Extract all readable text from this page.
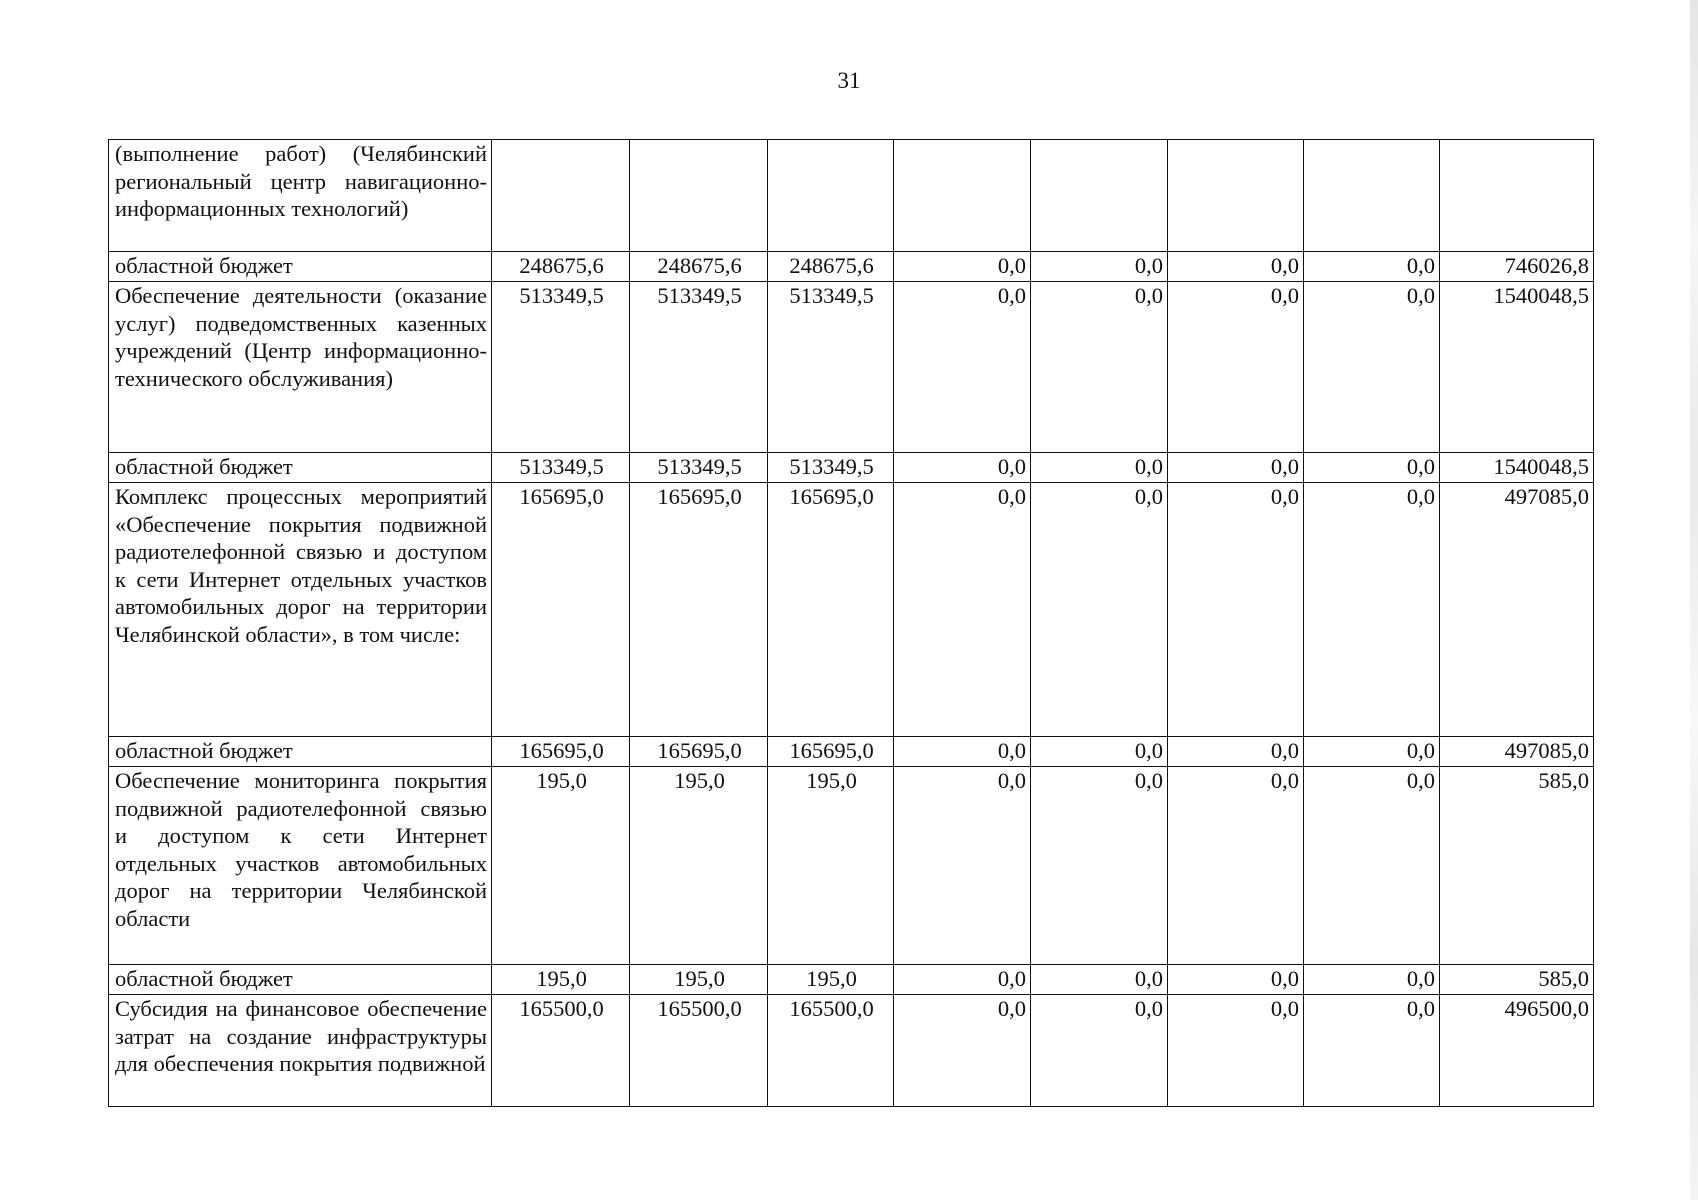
31
(выполнение работ) (Челябинский региональный центр навигационно-информационных технологий)								
областной бюджет	248675,6	248675,6	248675,6	0,0	0,0	0,0	0,0	746026,8
Обеспечение деятельности (оказание услуг) подведомственных казенных учреждений (Центр информационно-технического обслуживания)	513349,5	513349,5	513349,5	0,0	0,0	0,0	0,0	1540048,5
областной бюджет	513349,5	513349,5	513349,5	0,0	0,0	0,0	0,0	1540048,5
Комплекс процессных мероприятий «Обеспечение покрытия подвижной радиотелефонной связью и доступом к сети Интернет отдельных участков автомобильных дорог на территории Челябинской области», в том числе:	165695,0	165695,0	165695,0	0,0	0,0	0,0	0,0	497085,0
областной бюджет	165695,0	165695,0	165695,0	0,0	0,0	0,0	0,0	497085,0
Обеспечение мониторинга покрытия подвижной радиотелефонной связью и доступом к сети Интернет отдельных участков автомобильных дорог на территории Челябинской области	195,0	195,0	195,0	0,0	0,0	0,0	0,0	585,0
областной бюджет	195,0	195,0	195,0	0,0	0,0	0,0	0,0	585,0
Субсидия на финансовое обеспечение затрат на создание инфраструктуры для обеспечения покрытия подвижной	165500,0	165500,0	165500,0	0,0	0,0	0,0	0,0	496500,0
